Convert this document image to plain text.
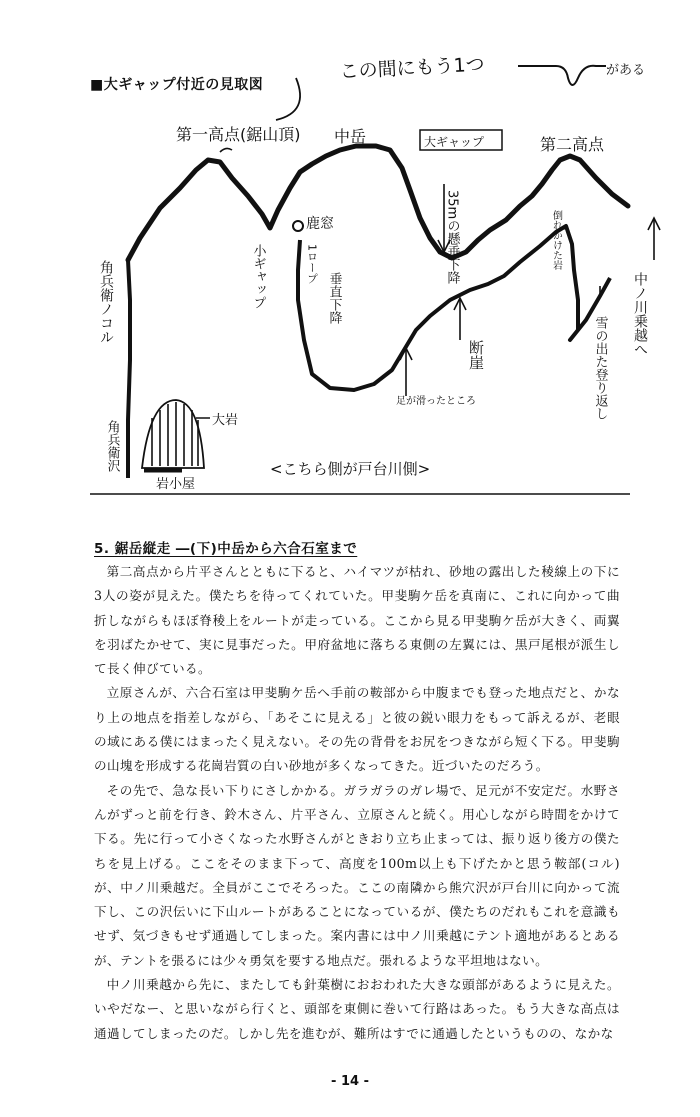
■大ギャップ付近の見取図
この間にもう1つ	がある
第一高点(鋸山頂) 中岳	大ギャップ	第二高点
角兵衛ノコル
角兵衛沢
岩小屋
大岩
小ギャップ
鹿窓
1ロープ
垂直下降
35mの懸垂下降	倒れかけた岩
足が滑ったところ
断崖	雪の出た登り返し
中ノ川乗越へ
<こちら側が戸台川側>
5. 鋸岳縦走 ―(下)中岳から六合石室まで

第二高点から片平さんとともに下ると、ハイマツが枯れ、砂地の露出した稜線上の下に3人の姿が見えた。僕たちを待ってくれていた。甲斐駒ケ岳を真南に、これに向かって曲折しながらもほぼ脊稜上をルートが走っている。ここから見る甲斐駒ケ岳が大きく、両翼を羽ばたかせて、実に見事だった。甲府盆地に落ちる東側の左翼には、黒戸尾根が派生して長く伸びている。

立原さんが、六合石室は甲斐駒ケ岳へ手前の鞍部から中腹までも登った地点だと、かなり上の地点を指差しながら、「あそこに見える」と彼の鋭い眼力をもって訴えるが、老眼の域にある僕にはまったく見えない。その先の背骨をお尻をつきながら短く下る。甲斐駒の山塊を形成する花崗岩質の白い砂地が多くなってきた。近づいたのだろう。

その先で、急な長い下りにさしかかる。ガラガラのガレ場で、足元が不安定だ。水野さんがずっと前を行き、鈴木さん、片平さん、立原さんと続く。用心しながら時間をかけて下る。先に行って小さくなった水野さんがときおり立ち止まっては、振り返り後方の僕たちを見上げる。ここをそのまま下って、高度を100m以上も下げたかと思う鞍部(コル)が、中ノ川乗越だ。全員がここでそろった。ここの南隣から熊穴沢が戸台川に向かって流下し、この沢伝いに下山ルートがあることになっているが、僕たちのだれもこれを意識もせず、気づきもせず通過してしまった。案内書には中ノ川乗越にテント適地があるとあるが、テントを張るには少々勇気を要する地点だ。張れるような平坦地はない。

中ノ川乗越から先に、またしても針葉樹におおわれた大きな頭部があるように見えた。いやだなー、と思いながら行くと、頭部を東側に巻いて行路はあった。もう大きな高点は通過してしまったのだ。しかし先を進むが、難所はすでに通過したというものの、なかな

- 14 -
